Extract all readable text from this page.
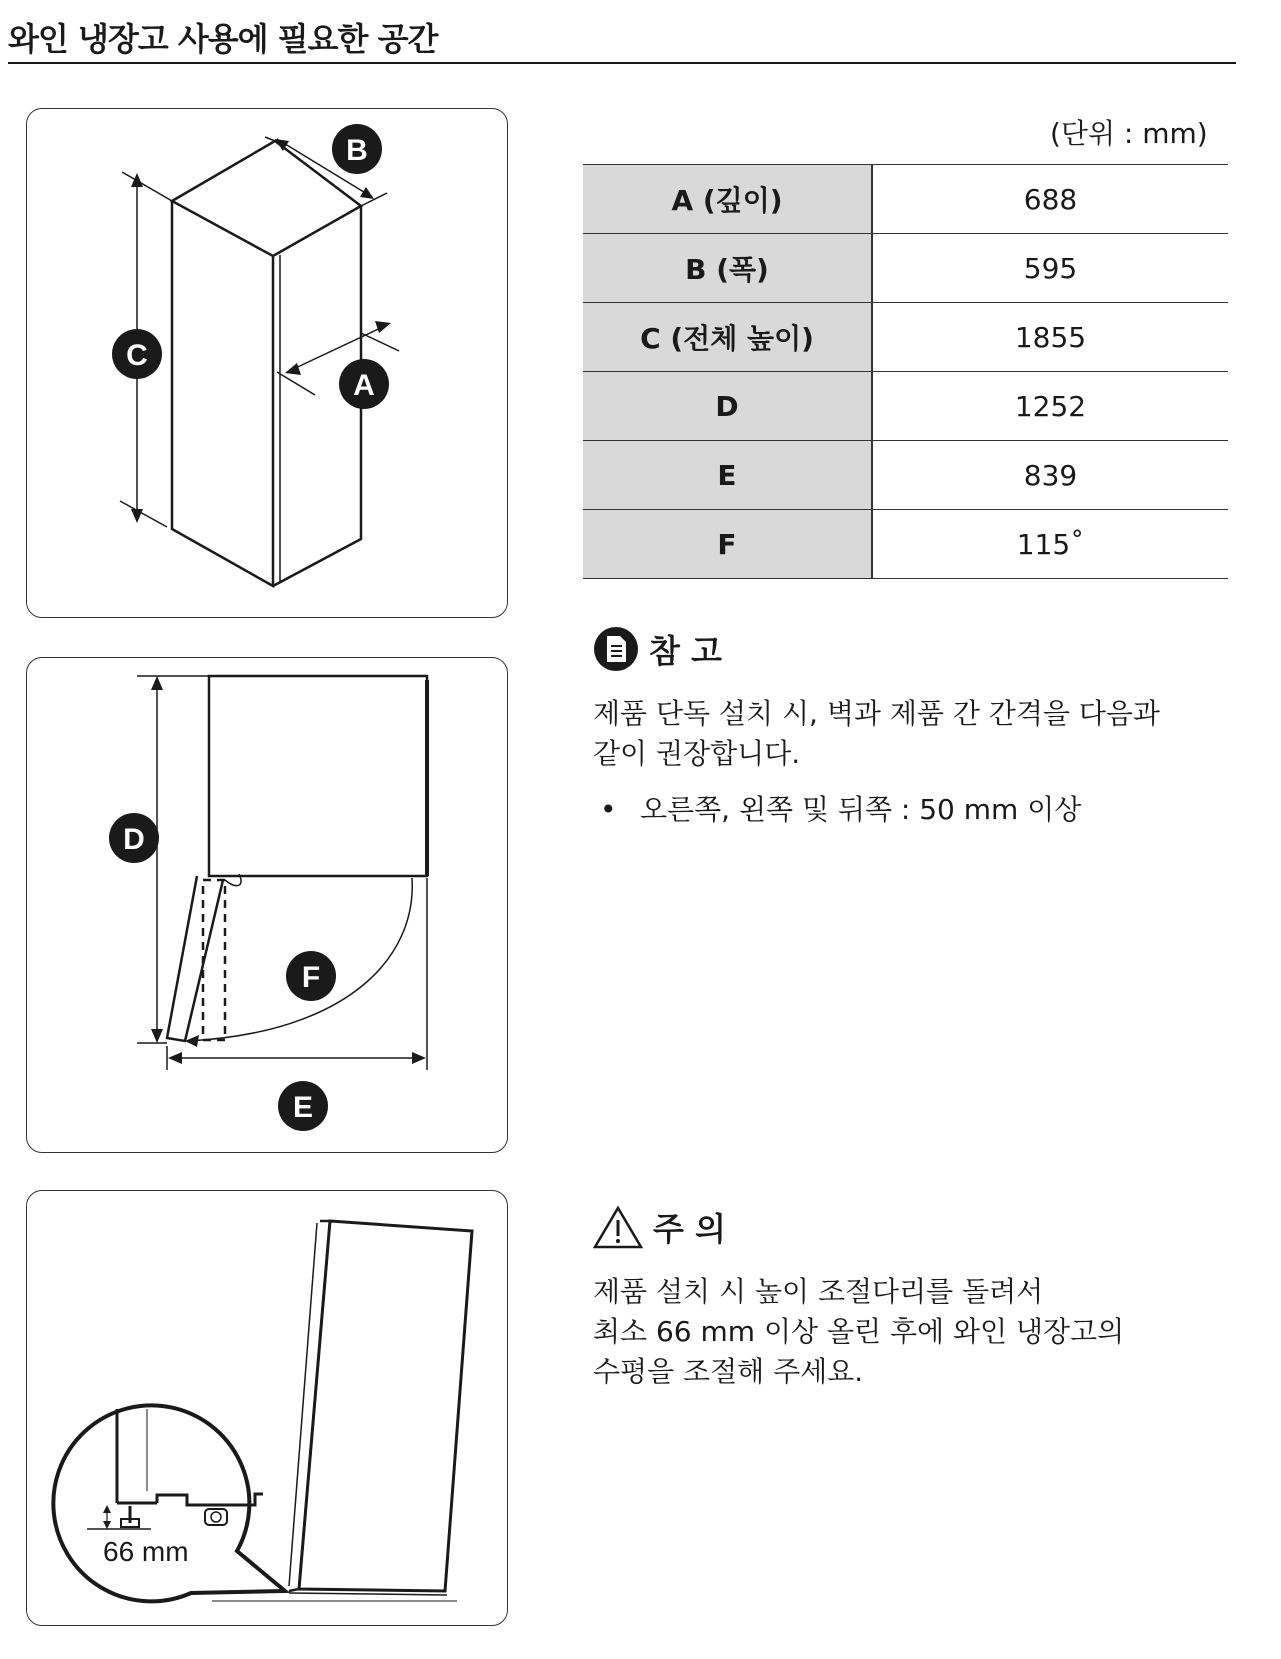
와인 냉장고 사용에 필요한 공간
B
C
A
D
F
E
66 mm
(단위 : mm)
A (깊이)	688
B (폭)	595
C (전체 높이)	1855
D	1252
E	839
F	115˚
참 고
제품 단독 설치 시, 벽과 제품 간 간격을 다음과
같이 권장합니다.
• 오른쪽, 왼쪽 및 뒤쪽 : 50 mm 이상
주 의
제품 설치 시 높이 조절다리를 돌려서
최소 66 mm 이상 올린 후에 와인 냉장고의
수평을 조절해 주세요.
